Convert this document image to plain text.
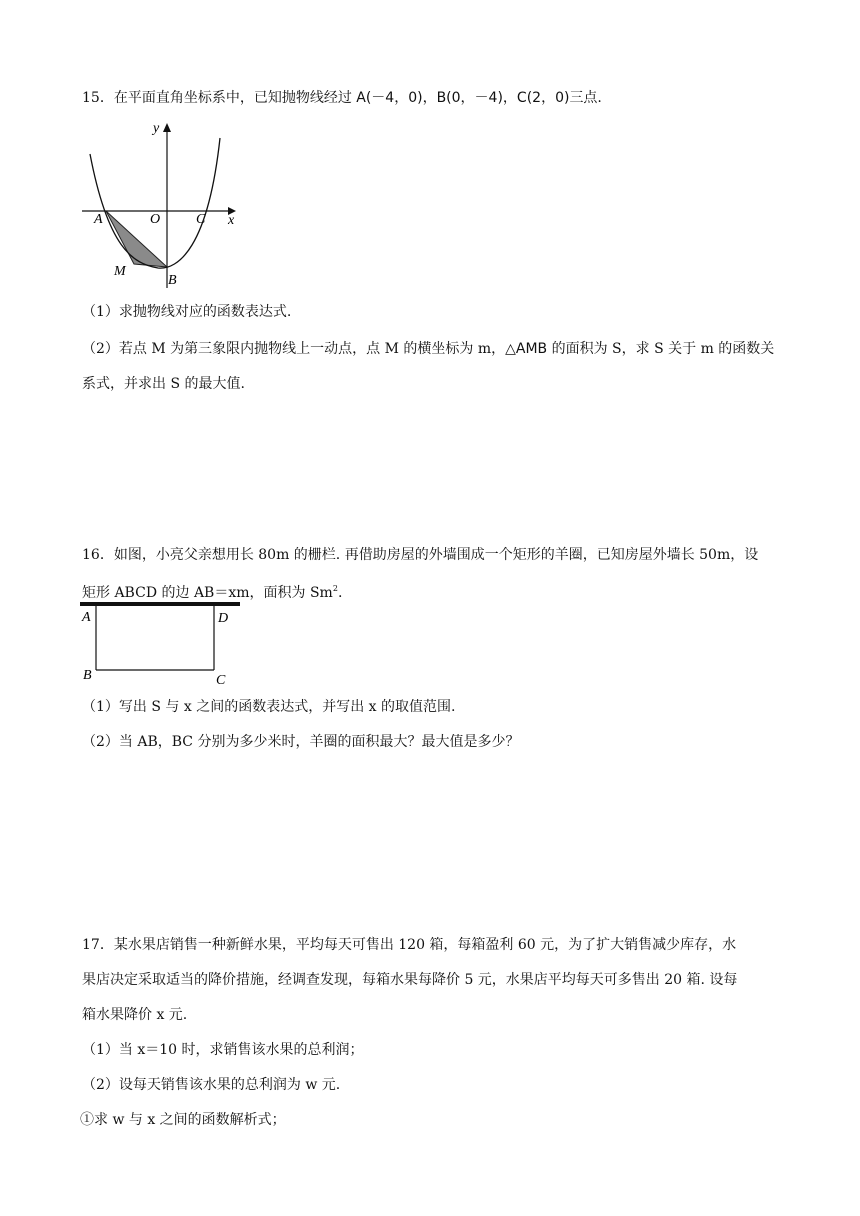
15．在平面直角坐标系中，已知抛物线经过 A(－4，0)，B(0，－4)，C(2，0)三点.
y
x
A	O	C
M
B
（1）求抛物线对应的函数表达式.
（2）若点 M 为第三象限内抛物线上一动点，点 M 的横坐标为 m，△AMB 的面积为 S，求 S 关于 m 的函数关
系式，并求出 S 的最大值.
16．如图，小亮父亲想用长 80m 的栅栏. 再借助房屋的外墙围成一个矩形的羊圈，已知房屋外墙长 50m，设
矩形 ABCD 的边 AB＝xm，面积为 Sm$^2$.
A	D
B	C
（1）写出 S 与 x 之间的函数表达式，并写出 x 的取值范围.
（2）当 AB，BC 分别为多少米时，羊圈的面积最大？最大值是多少？
17．某水果店销售一种新鲜水果，平均每天可售出 120 箱，每箱盈利 60 元，为了扩大销售减少库存，水
果店决定采取适当的降价措施，经调查发现，每箱水果每降价 5 元，水果店平均每天可多售出 20 箱. 设每
箱水果降价 x 元.
（1）当 x＝10 时，求销售该水果的总利润；
（2）设每天销售该水果的总利润为 w 元.
①求 w 与 x 之间的函数解析式；
